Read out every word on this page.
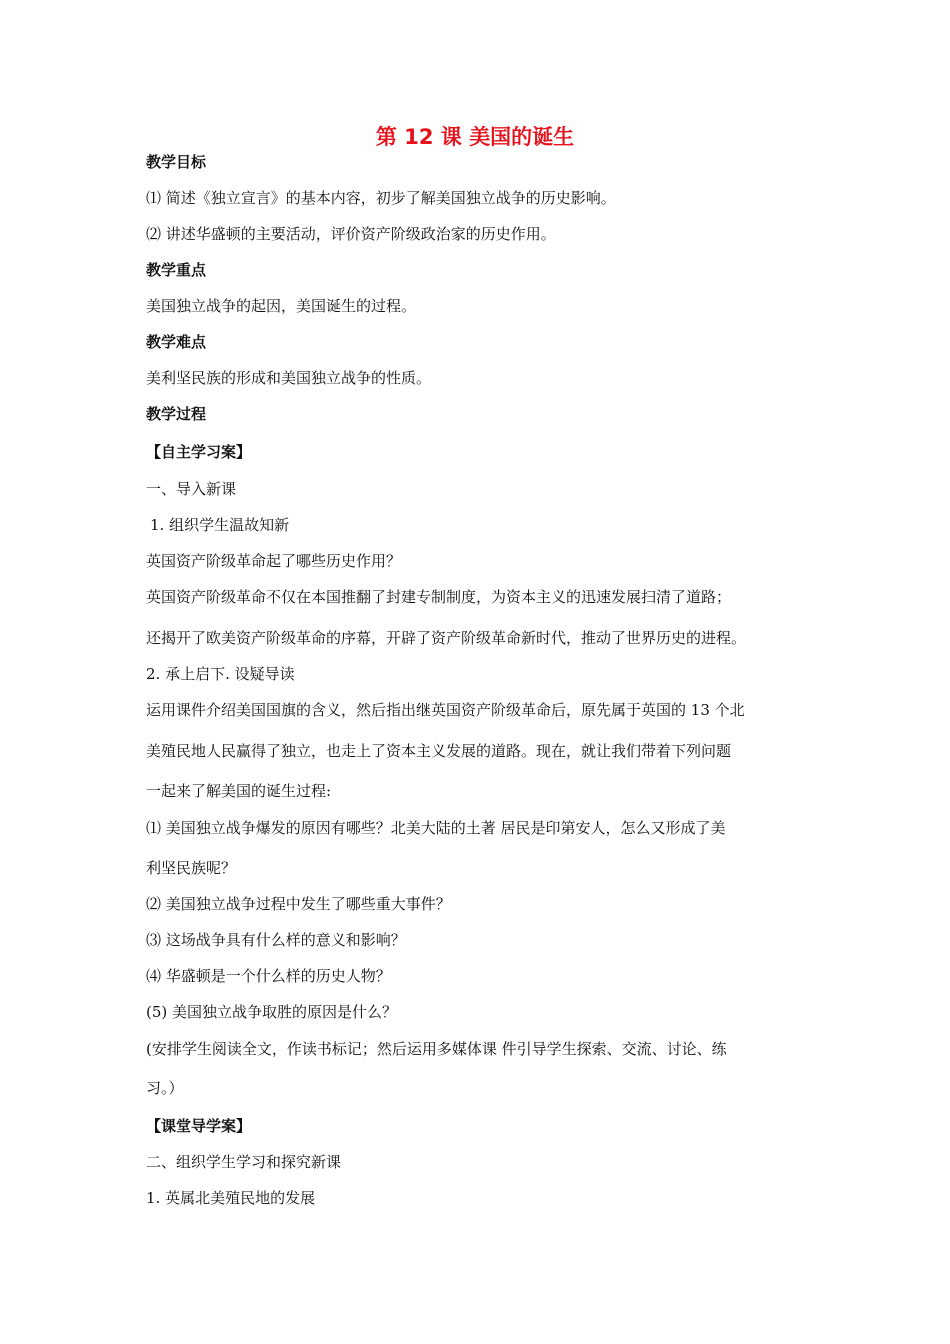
第 12 课 美国的诞生
教学目标
⑴ 简述《独立宣言》的基本内容，初步了解美国独立战争的历史影响。
⑵ 讲述华盛顿的主要活动，评价资产阶级政治家的历史作用。
教学重点
美国独立战争的起因，美国诞生的过程。
教学难点
美利坚民族的形成和美国独立战争的性质。
教学过程
【自主学习案】
一、导入新课
1. 组织学生温故知新
英国资产阶级革命起了哪些历史作用？
英国资产阶级革命不仅在本国推翻了封建专制制度，为资本主义的迅速发展扫清了道路；
还揭开了欧美资产阶级革命的序幕，开辟了资产阶级革命新时代，推动了世界历史的进程。
2. 承上启下. 设疑导读
运用课件介绍美国国旗的含义，然后指出继英国资产阶级革命后，原先属于英国的 13 个北
美殖民地人民赢得了独立，也走上了资本主义发展的道路。现在，就让我们带着下列问题
一起来了解美国的诞生过程:
⑴ 美国独立战争爆发的原因有哪些？北美大陆的土著 居民是印第安人，怎么又形成了美
利坚民族呢？
⑵ 美国独立战争过程中发生了哪些重大事件？
⑶ 这场战争具有什么样的意义和影响？
⑷ 华盛顿是一个什么样的历史人物？
(5) 美国独立战争取胜的原因是什么？
(安排学生阅读全文，作读书标记；然后运用多媒体课 件引导学生探索、交流、讨论、练
习。）
【课堂导学案】
二、组织学生学习和探究新课
1. 英属北美殖民地的发展
